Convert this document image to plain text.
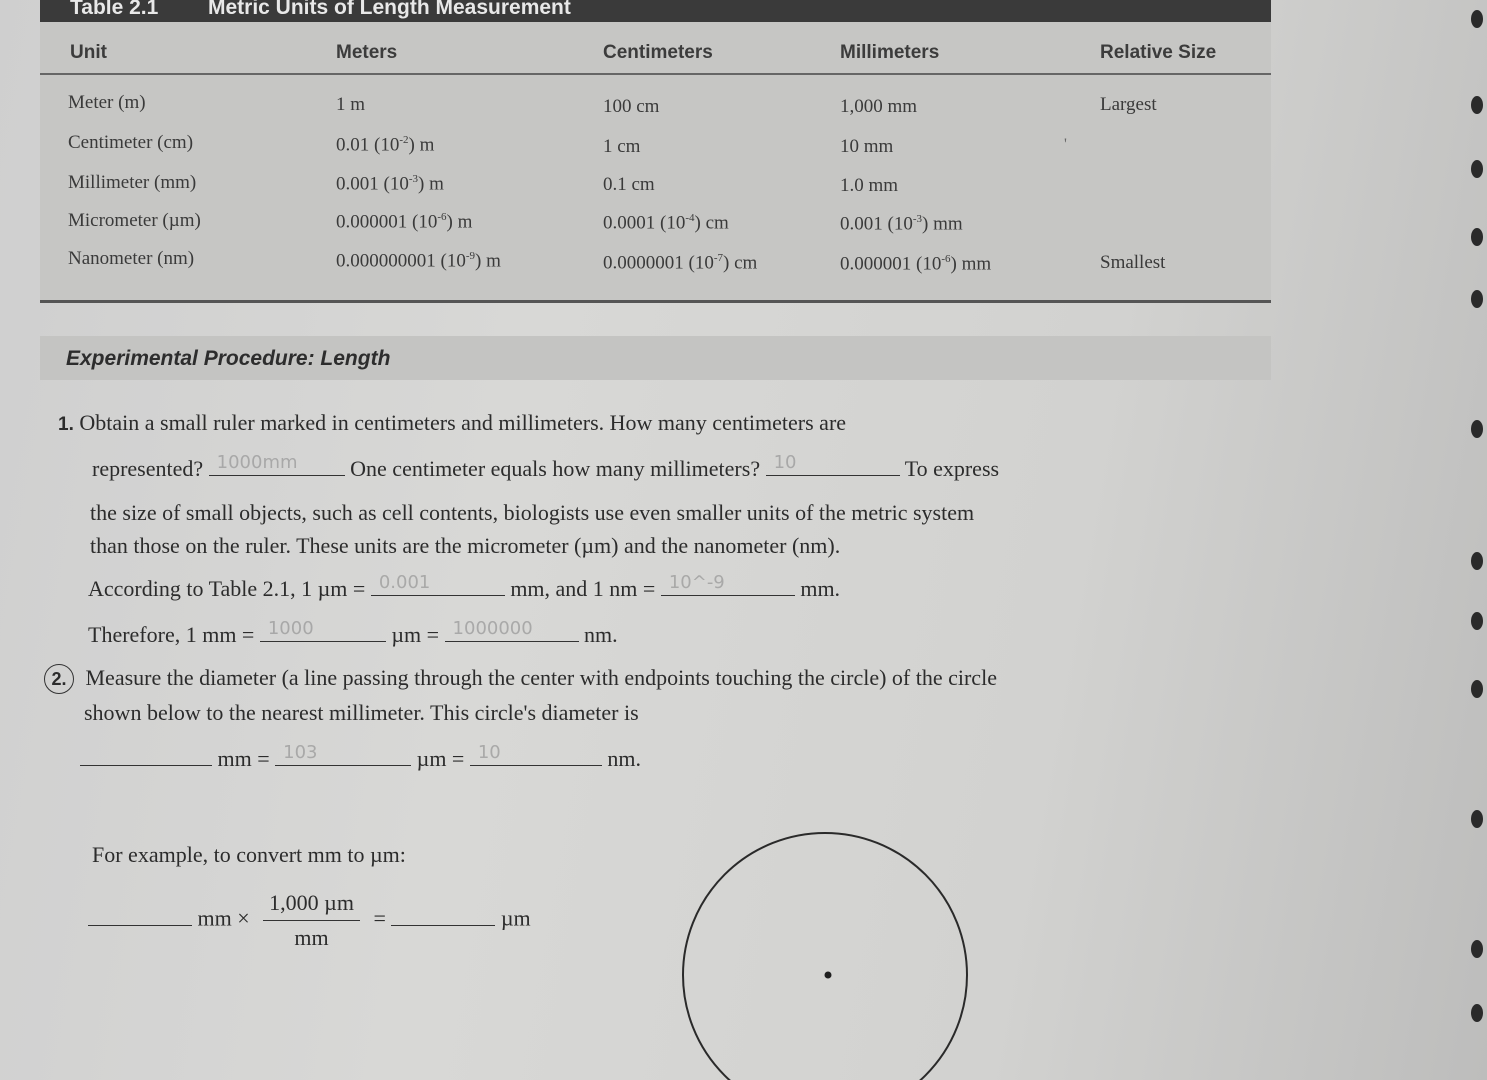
Table 2.1 Metric Units of Length Measurement
Unit	Meters	Centimeters	Millimeters	Relative Size
Meter (m)	1 m	100 cm	1,000 mm	Largest
Centimeter (cm)	0.01 $(10^{-2})$ m	1 cm	10 mm
Millimeter (mm)	0.001 $(10^{-3})$ m	0.1 cm	1.0 mm
Micrometer (µm)	0.000001 $(10^{-6})$ m	0.0001 $(10^{-4})$ cm	0.001 $(10^{-3})$ mm
Nanometer (nm)	0.000000001 $(10^{-9})$ m	0.0000001 $(10^{-7})$ cm	0.000001 $(10^{-6})$ mm	Smallest
'
Experimental Procedure: Length
1. Obtain a small ruler marked in centimeters and millimeters. How many centimeters are
represented? 1000mm One centimeter equals how many millimeters? 10	To express
the size of small objects, such as cell contents, biologists use even smaller units of the metric system
than those on the ruler. These units are the micrometer (µm) and the nanometer (nm).
According to Table 2.1, 1 µm = 0.001	mm, and 1 nm = 10^-9	mm.
Therefore, 1 mm = 1000	µm = 1000000 nm.
2. Measure the diameter (a line passing through the center with endpoints touching the circle) of the circle
shown below to the nearest millimeter. This circle's diameter is
mm = 103	µm = 10	nm.
For example, to convert mm to µm:
mm × $\frac{\text{1,000 µm}}{mm}$ =	µm
